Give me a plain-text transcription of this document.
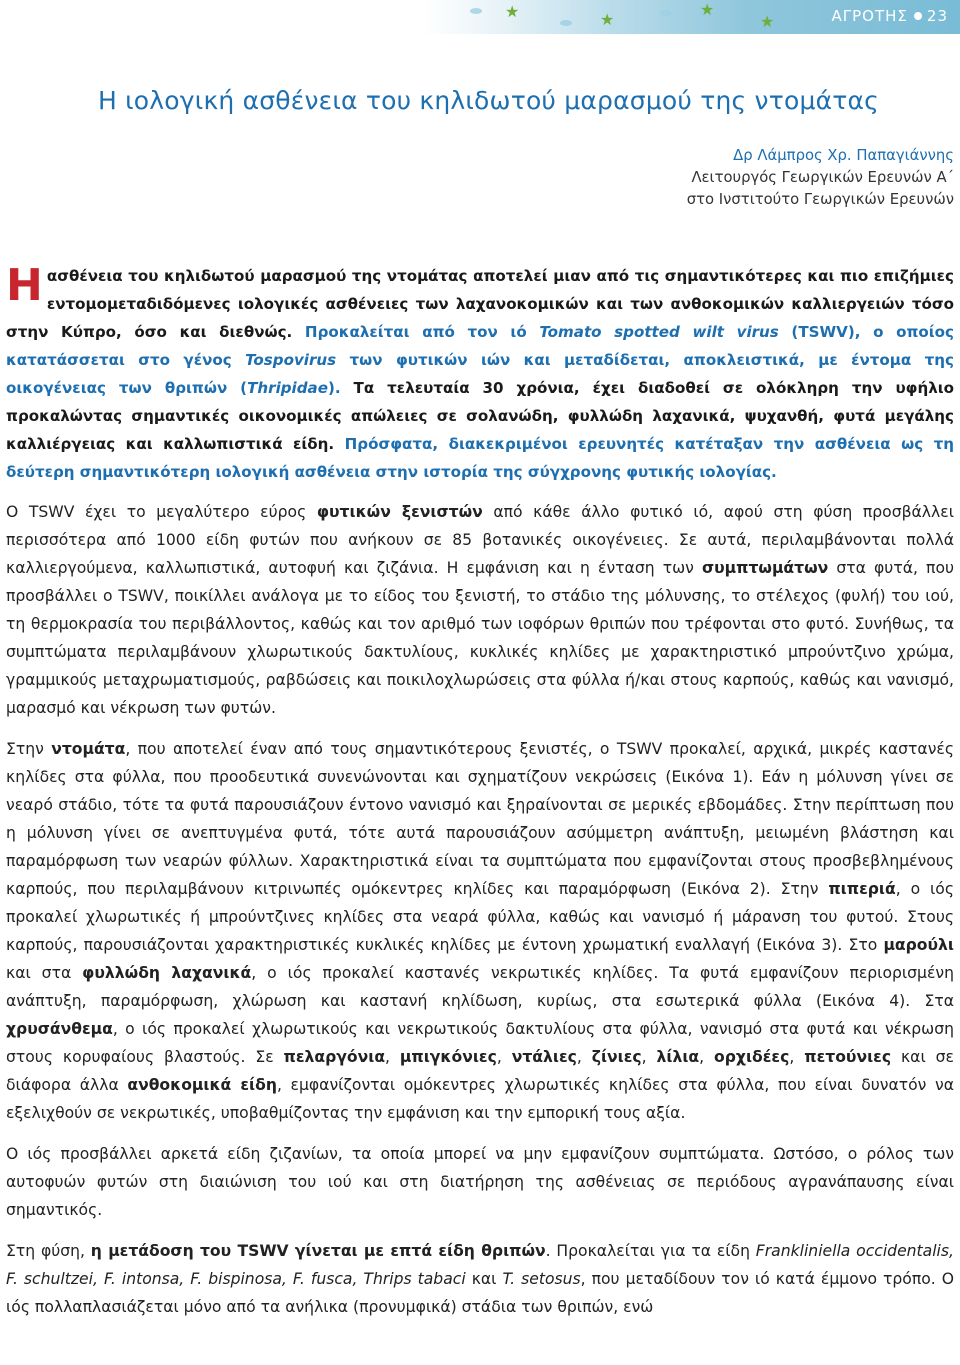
★	★
★
★	ΑΓΡΟΤΗΣ 23
Η ιολογική ασθένεια του κηλιδωτού μαρασμού της ντομάτας
Δρ Λάμπρος Χρ. Παπαγιάννης
Λειτουργός Γεωργικών Ερευνών Α΄
στο Ινστιτούτο Γεωργικών Ερευνών
Η ασθένεια του κηλιδωτού μαρασμού της ντομάτας αποτελεί μιαν από τις σημαντικότερες και πιο επιζήμιες εντομομεταδιδόμενες ιολογικές ασθένειες των λαχανοκομικών και των ανθοκομικών καλλιεργειών τόσο στην Κύπρο, όσο και διεθνώς. Προκαλείται από τον ιό Tomato spotted wilt virus (TSWV), ο οποίος κατατάσσεται στο γένος Tospovirus των φυτικών ιών και μεταδίδεται, αποκλειστικά, με έντομα της οικογένειας των θριπών (Thripidae). Τα τελευταία 30 χρόνια, έχει διαδοθεί σε ολόκληρη την υφήλιο προκαλώντας σημαντικές οικονομικές απώλειες σε σολανώδη, φυλλώδη λαχανικά, ψυχανθή, φυτά μεγάλης καλλιέργειας και καλλωπιστικά είδη. Πρόσφατα, διακεκριμένοι ερευνητές κατέταξαν την ασθένεια ως τη δεύτερη σημαντικότερη ιολογική ασθένεια στην ιστορία της σύγχρονης φυτικής ιολογίας.

Ο TSWV έχει το μεγαλύτερο εύρος φυτικών ξενιστών από κάθε άλλο φυτικό ιό, αφού στη φύση προσβάλλει περισσότερα από 1000 είδη φυτών που ανήκουν σε 85 βοτανικές οικογένειες. Σε αυτά, περιλαμβάνονται πολλά καλλιεργούμενα, καλλωπιστικά, αυτοφυή και ζιζάνια. Η εμφάνιση και η ένταση των συμπτωμάτων στα φυτά, που προσβάλλει ο TSWV, ποικίλλει ανάλογα με το είδος του ξενιστή, το στάδιο της μόλυνσης, το στέλεχος (φυλή) του ιού, τη θερμοκρασία του περιβάλλοντος, καθώς και τον αριθμό των ιοφόρων θριπών που τρέφονται στο φυτό. Συνήθως, τα συμπτώματα περιλαμβάνουν χλωρωτικούς δακτυλίους, κυκλικές κηλίδες με χαρακτηριστικό μπρούντζινο χρώμα, γραμμικούς μεταχρωματισμούς, ραβδώσεις και ποικιλοχλωρώσεις στα φύλλα ή/και στους καρπούς, καθώς και νανισμό, μαρασμό και νέκρωση των φυτών.

Στην ντομάτα, που αποτελεί έναν από τους σημαντικότερους ξενιστές, ο TSWV προκαλεί, αρχικά, μικρές καστανές κηλίδες στα φύλλα, που προοδευτικά συνενώνονται και σχηματίζουν νεκρώσεις (Εικόνα 1). Εάν η μόλυνση γίνει σε νεαρό στάδιο, τότε τα φυτά παρουσιάζουν έντονο νανισμό και ξηραίνονται σε μερικές εβδομάδες. Στην περίπτωση που η μόλυνση γίνει σε ανεπτυγμένα φυτά, τότε αυτά παρουσιάζουν ασύμμετρη ανάπτυξη, μειωμένη βλάστηση και παραμόρφωση των νεαρών φύλλων. Χαρακτηριστικά είναι τα συμπτώματα που εμφανίζονται στους προσβεβλημένους καρπούς, που περιλαμβάνουν κιτρινωπές ομόκεντρες κηλίδες και παραμόρφωση (Εικόνα 2). Στην πιπεριά, ο ιός προκαλεί χλωρωτικές ή μπρούντζινες κηλίδες στα νεαρά φύλλα, καθώς και νανισμό ή μάρανση του φυτού. Στους καρπούς, παρουσιάζονται χαρακτηριστικές κυκλικές κηλίδες με έντονη χρωματική εναλλαγή (Εικόνα 3). Στο μαρούλι και στα φυλλώδη λαχανικά, ο ιός προκαλεί καστανές νεκρωτικές κηλίδες. Τα φυτά εμφανίζουν περιορισμένη ανάπτυξη, παραμόρφωση, χλώρωση και καστανή κηλίδωση, κυρίως, στα εσωτερικά φύλλα (Εικόνα 4). Στα χρυσάνθεμα, ο ιός προκαλεί χλωρωτικούς και νεκρωτικούς δακτυλίους στα φύλλα, νανισμό στα φυτά και νέκρωση στους κορυφαίους βλαστούς. Σε πελαργόνια, μπιγκόνιες, ντάλιες, ζίνιες, λίλια, ορχιδέες, πετούνιες και σε διάφορα άλλα ανθοκομικά είδη, εμφανίζονται ομόκεντρες χλωρωτικές κηλίδες στα φύλλα, που είναι δυνατόν να εξελιχθούν σε νεκρωτικές, υποβαθμίζοντας την εμφάνιση και την εμπορική τους αξία.

Ο ιός προσβάλλει αρκετά είδη ζιζανίων, τα οποία μπορεί να μην εμφανίζουν συμπτώματα. Ωστόσο, ο ρόλος των αυτοφυών φυτών στη διαιώνιση του ιού και στη διατήρηση της ασθένειας σε περιόδους αγρανάπαυσης είναι σημαντικός.

Στη φύση, η μετάδοση του TSWV γίνεται με επτά είδη θριπών. Προκαλείται για τα είδη Frankliniella occidentalis, F. schultzei, F. intonsa, F. bispinosa, F. fusca, Thrips tabaci και T. setosus, που μεταδίδουν τον ιό κατά έμμονο τρόπο. Ο ιός πολλαπλασιάζεται μόνο από τα ανήλικα (προνυμφικά) στάδια των θριπών, ενώ
